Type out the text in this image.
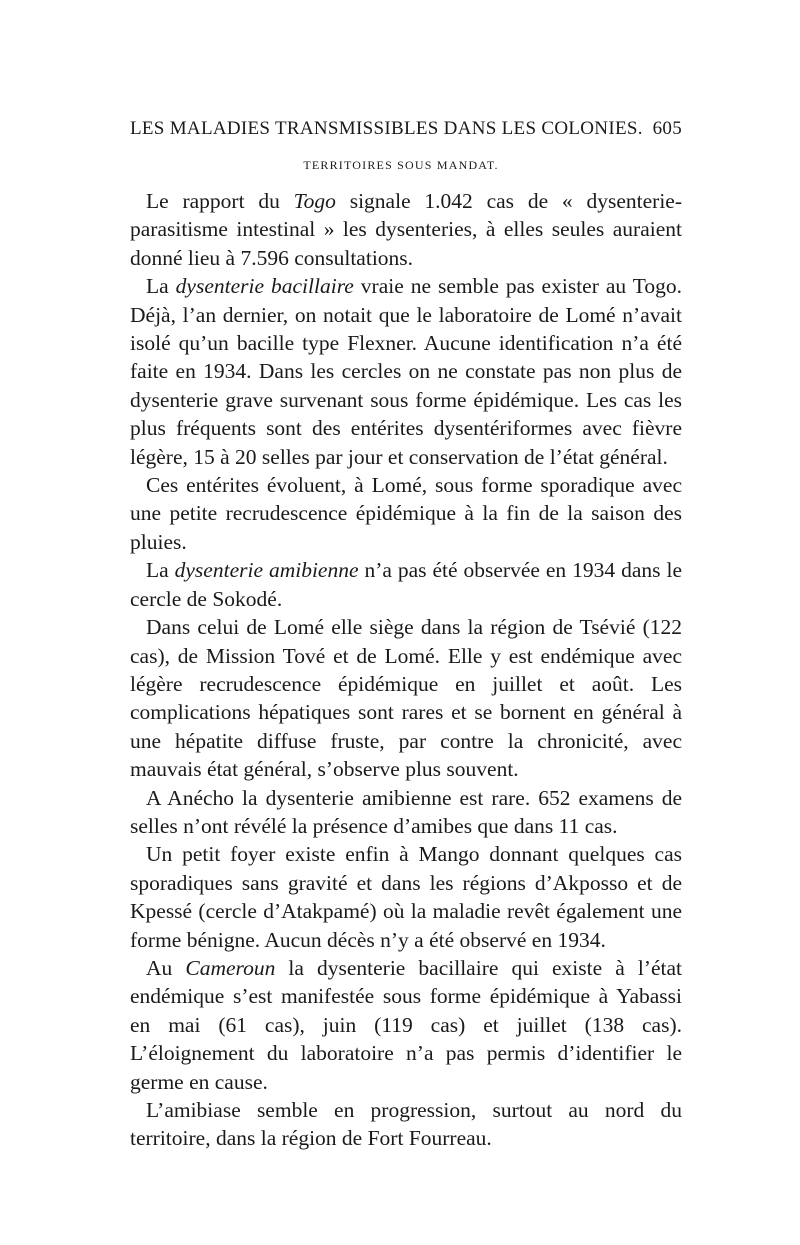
LES MALADIES TRANSMISSIBLES DANS LES COLONIES. 605
TERRITOIRES SOUS MANDAT.

Le rapport du Togo signale 1.042 cas de « dysenterie-parasitisme intestinal » les dysenteries, à elles seules auraient donné lieu à 7.596 consultations.

La dysenterie bacillaire vraie ne semble pas exister au Togo. Déjà, l’an dernier, on notait que le laboratoire de Lomé n’avait isolé qu’un bacille type Flexner. Aucune identification n’a été faite en 1934. Dans les cercles on ne constate pas non plus de dysenterie grave survenant sous forme épidémique. Les cas les plus fréquents sont des entérites dysentériformes avec fièvre légère, 15 à 20 selles par jour et conservation de l’état général.

Ces entérites évoluent, à Lomé, sous forme sporadique avec une petite recrudescence épidémique à la fin de la saison des pluies.

La dysenterie amibienne n’a pas été observée en 1934 dans le cercle de Sokodé.

Dans celui de Lomé elle siège dans la région de Tsévié (122 cas), de Mission Tové et de Lomé. Elle y est endémique avec légère recrudescence épidémique en juillet et août. Les complications hépatiques sont rares et se bornent en général à une hépatite diffuse fruste, par contre la chronicité, avec mauvais état général, s’observe plus souvent.

A Anécho la dysenterie amibienne est rare. 652 examens de selles n’ont révélé la présence d’amibes que dans 11 cas.

Un petit foyer existe enfin à Mango donnant quelques cas sporadiques sans gravité et dans les régions d’Akposso et de Kpessé (cercle d’Atakpamé) où la maladie revêt également une forme bénigne. Aucun décès n’y a été observé en 1934.

Au Cameroun la dysenterie bacillaire qui existe à l’état endémique s’est manifestée sous forme épidémique à Yabassi en mai (61 cas), juin (119 cas) et juillet (138 cas). L’éloignement du laboratoire n’a pas permis d’identifier le germe en cause.

L’amibiase semble en progression, surtout au nord du territoire, dans la région de Fort Fourreau.
